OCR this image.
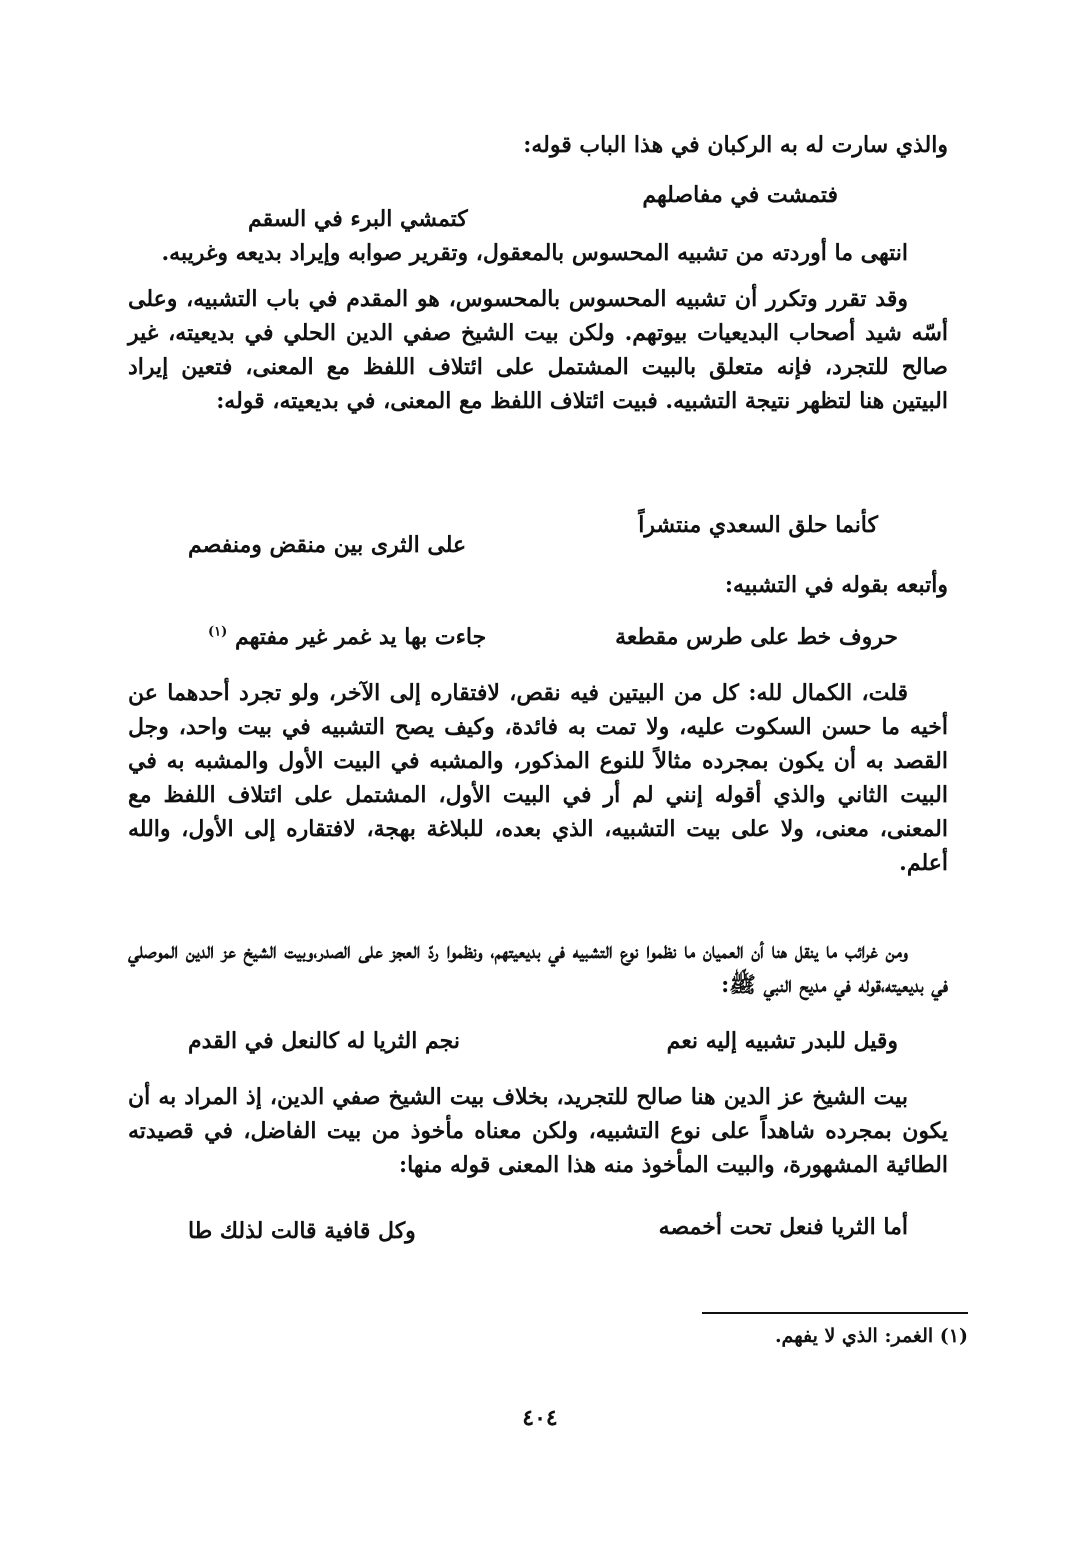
والذي سارت له به الركبان في هذا الباب قوله:

فتمشت في مفاصلهم
كتمشي البرء في السقم

انتهى ما أوردته من تشبيه المحسوس بالمعقول، وتقرير صوابه وإيراد بديعه وغريبه.

وقد تقرر وتكرر أن تشبيه المحسوس بالمحسوس، هو المقدم في باب التشبيه، وعلى أسّه شيد أصحاب البديعيات بيوتهم. ولكن بيت الشيخ صفي الدين الحلي في بديعيته، غير صالح للتجرد، فإنه متعلق بالبيت المشتمل على ائتلاف اللفظ مع المعنى، فتعين إيراد البيتين هنا لتظهر نتيجة التشبيه. فبيت ائتلاف اللفظ مع المعنى، في بديعيته، قوله:

كأنما حلق السعدي منتشراً
على الثرى بين منقض ومنفصم

وأتبعه بقوله في التشبيه:

حروف خط على طرس مقطعة
جاءت بها يد غمر غير مفتهم $^{(١)}$

قلت، الكمال لله: كل من البيتين فيه نقص، لافتقاره إلى الآخر، ولو تجرد أحدهما عن أخيه ما حسن السكوت عليه، ولا تمت به فائدة، وكيف يصح التشبيه في بيت واحد، وجل القصد به أن يكون بمجرده مثالاً للنوع المذكور، والمشبه في البيت الأول والمشبه به في البيت الثاني والذي أقوله إنني لم أر في البيت الأول، المشتمل على ائتلاف اللفظ مع المعنى، معنى، ولا على بيت التشبيه، الذي بعده، للبلاغة بهجة، لافتقاره إلى الأول، والله أعلم.

ومن غرائب ما ينقل هنا أن العميان ما نظموا نوع التشبيه في بديعيتهم، ونظموا ردّ العجز على الصدر،وبيت الشيخ عز الدين الموصلي في بديعيته،قوله في مديح النبي ﷺ:

وقيل للبدر تشبيه إليه نعم
نجم الثريا له كالنعل في القدم

بيت الشيخ عز الدين هنا صالح للتجريد، بخلاف بيت الشيخ صفي الدين، إذ المراد به أن يكون بمجرده شاهداً على نوع التشبيه، ولكن معناه مأخوذ من بيت الفاضل، في قصيدته الطائية المشهورة، والبيت المأخوذ منه هذا المعنى قوله منها:

أما الثريا فنعل تحت أخمصه
وكل قافية قالت لذلك طا
(١) الغمر: الذي لا يفهم.
٤٠٤
